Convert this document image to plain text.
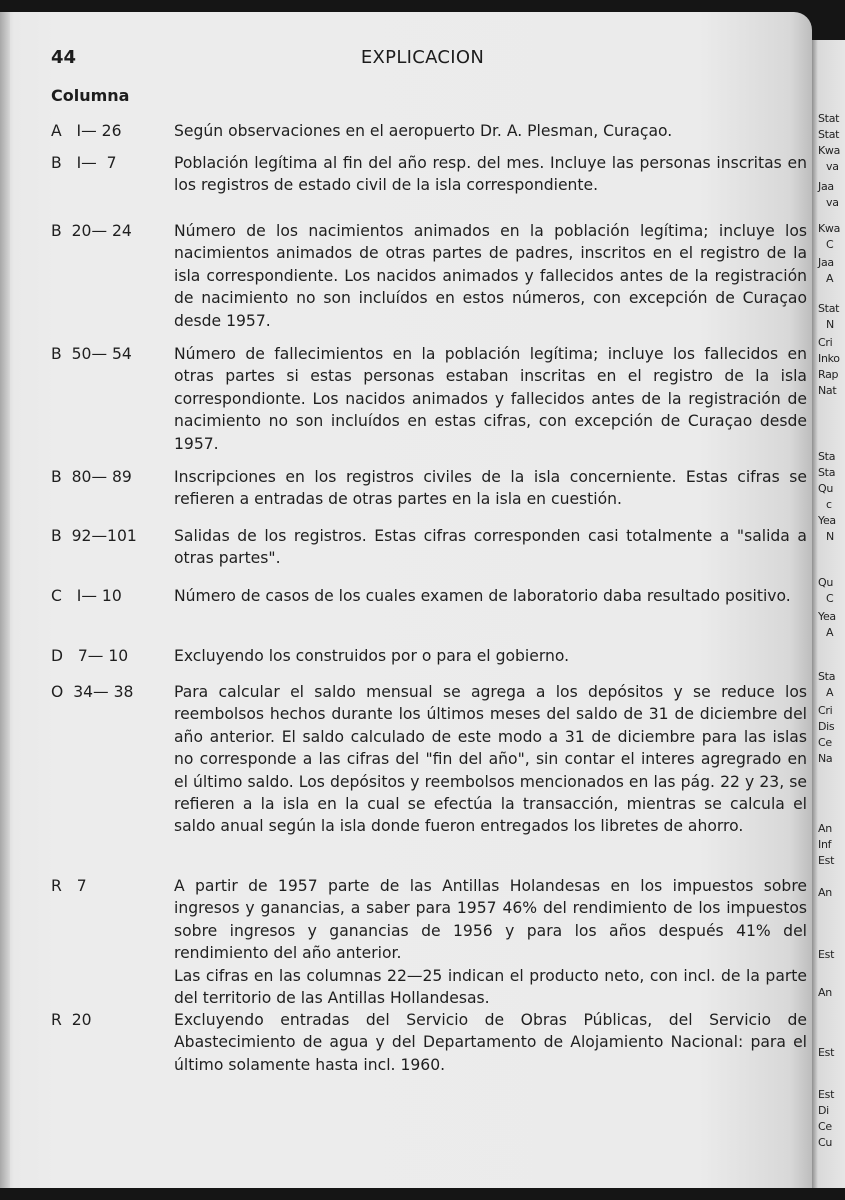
44	EXPLICACION
Columna
A   I— 26	Según observaciones en el aeropuerto Dr. A. Plesman, Curaçao.
B   I—  7	Población legítima al fin del año resp. del mes. Incluye las personas inscritas en los registros de estado civil de la isla correspondiente.
B  20— 24	Número de los nacimientos animados en la población legítima; incluye los nacimientos animados de otras partes de padres, inscritos en el registro de la isla correspondiente. Los nacidos animados y fallecidos antes de la registración de nacimiento no son incluídos en estos números, con excepción de Curaçao desde 1957.
B  50— 54	Número de fallecimientos en la población legítima; incluye los fallecidos en otras partes si estas personas estaban inscritas en el registro de la isla correspondionte. Los nacidos animados y fallecidos antes de la registración de nacimiento no son incluídos en estas cifras, con excepción de Curaçao desde 1957.
B  80— 89	Inscripciones en los registros civiles de la isla concerniente. Estas cifras se refieren a entradas de otras partes en la isla en cuestión.
B  92—101	Salidas de los registros. Estas cifras corresponden casi totalmente a "salida a otras partes".
C   I— 10	Número de casos de los cuales examen de laboratorio daba resultado positivo.
D   7— 10	Excluyendo los construidos por o para el gobierno.
O  34— 38	Para calcular el saldo mensual se agrega a los depósitos y se reduce los reembolsos hechos durante los últimos meses del saldo de 31 de diciembre del año anterior. El saldo calculado de este modo a 31 de diciembre para las islas no corresponde a las cifras del "fin del año", sin contar el interes agregrado en el último saldo. Los depósitos y reembolsos mencionados en las pág. 22 y 23, se refieren a la isla en la cual se efectúa la transacción, mientras se calcula el saldo anual según la isla donde fueron entregados los libretes de ahorro.
R   7	A partir de 1957 parte de las Antillas Holandesas en los impuestos sobre ingresos y ganancias, a saber para 1957 46% del rendimiento de los impuestos sobre ingresos y ganancias de 1956 y para los años después 41% del rendimiento del año anterior.
Las cifras en las columnas 22—25 indican el producto neto, con incl. de la parte del territorio de las Antillas Hollandesas.
R  20	Excluyendo entradas del Servicio de Obras Públicas, del Servicio de Abastecimiento de agua y del Departamento de Alojamiento Nacional: para el último solamente hasta incl. 1960.
Stat
Stat
Kwa
va
Jaa
va
Kwa
C
Jaa
A
Stat
N
Cri
Inko
Rap
Nat
Sta
Sta
Qu
c
Yea
N
Qu
C
Yea
A
Sta
A
Cri
Dis
Ce
Na
An
Inf
Est
An
Est
An
Est
Est
Di
Ce
Cu
